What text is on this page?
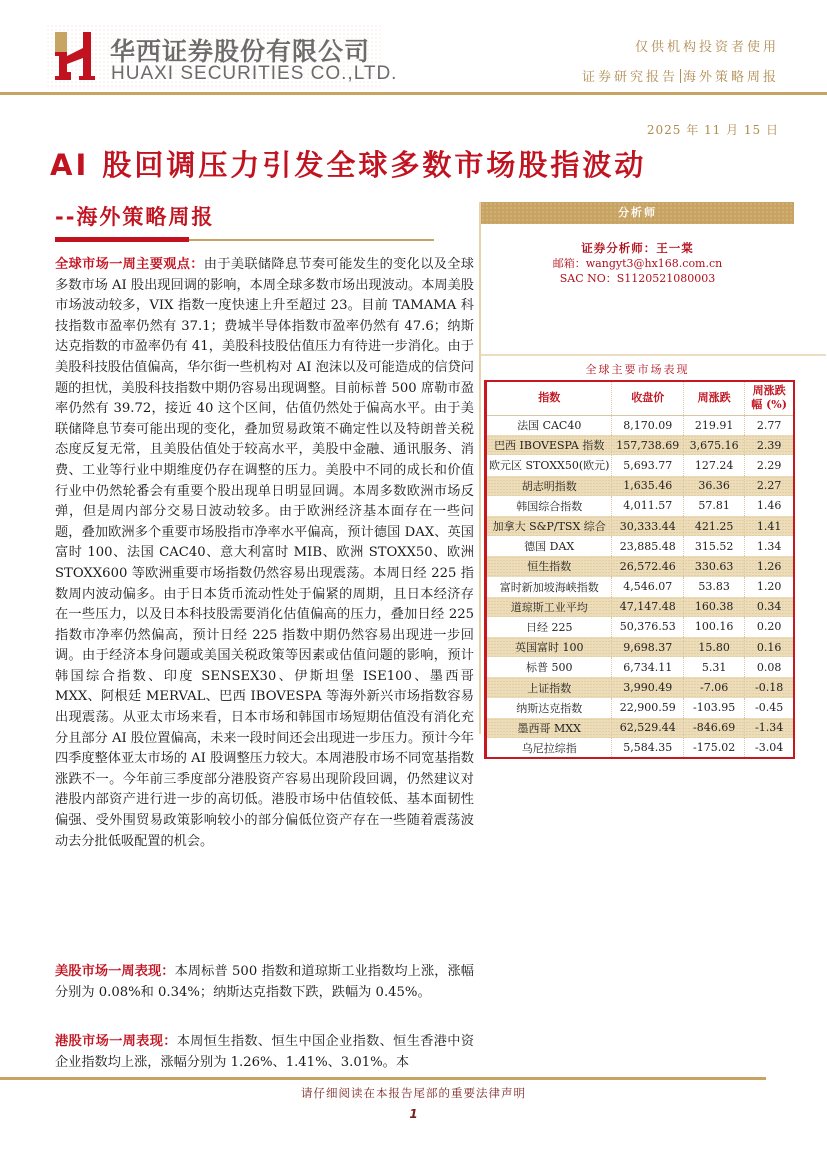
华西证券股份有限公司
HUAXI SECURITIES CO.,LTD.
仅供机构投资者使用
证券研究报告 海外策略周报
2025 年 11 月 15 日
AI 股回调压力引发全球多数市场股指波动
--海外策略周报

全球市场一周主要观点：由于美联储降息节奏可能发生的变化以及全球多数市场 AI 股出现回调的影响，本周全球多数市场出现波动。本周美股市场波动较多，VIX 指数一度快速上升至超过 23。目前 TAMAMA 科技指数市盈率仍然有 37.1；费城半导体指数市盈率仍然有 47.6；纳斯达克指数的市盈率仍有 41，美股科技股估值压力有待进一步消化。由于美股科技股估值偏高，华尔街一些机构对 AI 泡沫以及可能造成的信贷问题的担忧，美股科技指数中期仍容易出现调整。目前标普 500 席勒市盈率仍然有 39.72，接近 40 这个区间，估值仍然处于偏高水平。由于美联储降息节奏可能出现的变化，叠加贸易政策不确定性以及特朗普关税态度反复无常，且美股估值处于较高水平，美股中金融、通讯服务、消费、工业等行业中期维度仍存在调整的压力。美股中不同的成长和价值行业中仍然轮番会有重要个股出现单日明显回调。本周多数欧洲市场反弹，但是周内部分交易日波动较多。由于欧洲经济基本面存在一些问题，叠加欧洲多个重要市场股指市净率水平偏高，预计德国 DAX、英国富时 100、法国 CAC40、意大利富时 MIB、欧洲 STOXX50、欧洲 STOXX600 等欧洲重要市场指数仍然容易出现震荡。本周日经 225 指数周内波动偏多。由于日本货币流动性处于偏紧的周期，且日本经济存在一些压力，以及日本科技股需要消化估值偏高的压力，叠加日经 225 指数市净率仍然偏高，预计日经 225 指数中期仍然容易出现进一步回调。由于经济本身问题或美国关税政策等因素或估值问题的影响，预计韩国综合指数、印度 SENSEX30、伊斯坦堡 ISE100、墨西哥 MXX、阿根廷 MERVAL、巴西 IBOVESPA 等海外新兴市场指数容易出现震荡。从亚太市场来看，日本市场和韩国市场短期估值没有消化充分且部分 AI 股位置偏高，未来一段时间还会出现进一步压力。预计今年四季度整体亚太市场的 AI 股调整压力较大。本周港股市场不同宽基指数涨跌不一。今年前三季度部分港股资产容易出现阶段回调，仍然建议对港股内部资产进行进一步的高切低。港股市场中估值较低、基本面韧性偏强、受外围贸易政策影响较小的部分偏低位资产存在一些随着震荡波动去分批低吸配置的机会。

美股市场一周表现：本周标普 500 指数和道琼斯工业指数均上涨，涨幅分别为 0.08%和 0.34%；纳斯达克指数下跌，跌幅为 0.45%。

港股市场一周表现：本周恒生指数、恒生中国企业指数、恒生香港中资企业指数均上涨，涨幅分别为 1.26%、1.41%、3.01%。本

分析师
证券分析师：王一棠
邮箱：wangyt3@hx168.com.cn
SAC NO：S1120521080003
全球主要市场表现
指数	收盘价	周涨跌	周涨跌
幅 (%)
法国 CAC40	8,170.09	219.91	2.77
巴西 IBOVESPA 指数	157,738.69	3,675.16	2.39
欧元区 STOXX50(欧元)	5,693.77	127.24	2.29
胡志明指数	1,635.46	36.36	2.27
韩国综合指数	4,011.57	57.81	1.46
加拿大 S&P/TSX 综合	30,333.44	421.25	1.41
德国 DAX	23,885.48	315.52	1.34
恒生指数	26,572.46	330.63	1.26
富时新加坡海峡指数	4,546.07	53.83	1.20
道琼斯工业平均	47,147.48	160.38	0.34
日经 225	50,376.53	100.16	0.20
英国富时 100	9,698.37	15.80	0.16
标普 500	6,734.11	5.31	0.08
上证指数	3,990.49	-7.06	-0.18
纳斯达克指数	22,900.59	-103.95	-0.45
墨西哥 MXX	62,529.44	-846.69	-1.34
乌尼拉综指	5,584.35	-175.02	-3.04
请仔细阅读在本报告尾部的重要法律声明
1
